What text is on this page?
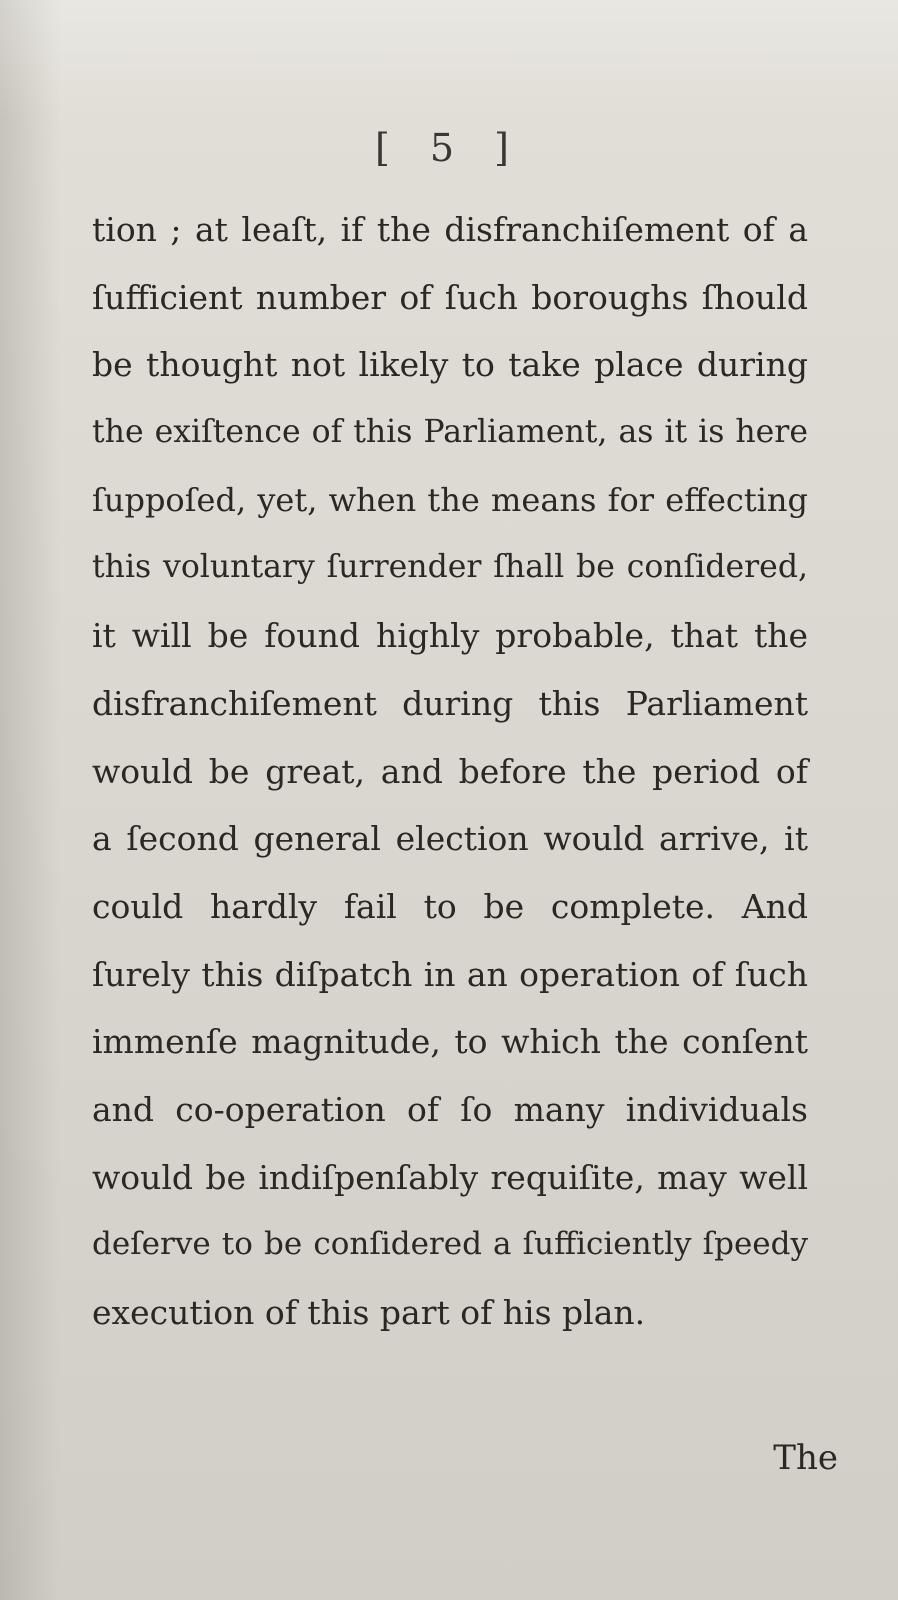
[ 5 ]
tion ; at leaſt, if the disfranchiſement of a
ſufficient number of ſuch boroughs ſhould
be thought not likely to take place during
the exiſtence of this Parliament, as it is here
ſuppoſed, yet, when the means for effecting
this voluntary ſurrender ſhall be conſidered,
it will be found highly probable, that the
disfranchiſement during this Parliament
would be great, and before the period of
a ſecond general election would arrive, it
could hardly fail to be complete. And
ſurely this diſpatch in an operation of ſuch
immenſe magnitude, to which the conſent
and co-operation of ſo many individuals
would be indiſpenſably requiſite, may well
deſerve to be conſidered a ſufficiently ſpeedy
execution of this part of his plan.
The
